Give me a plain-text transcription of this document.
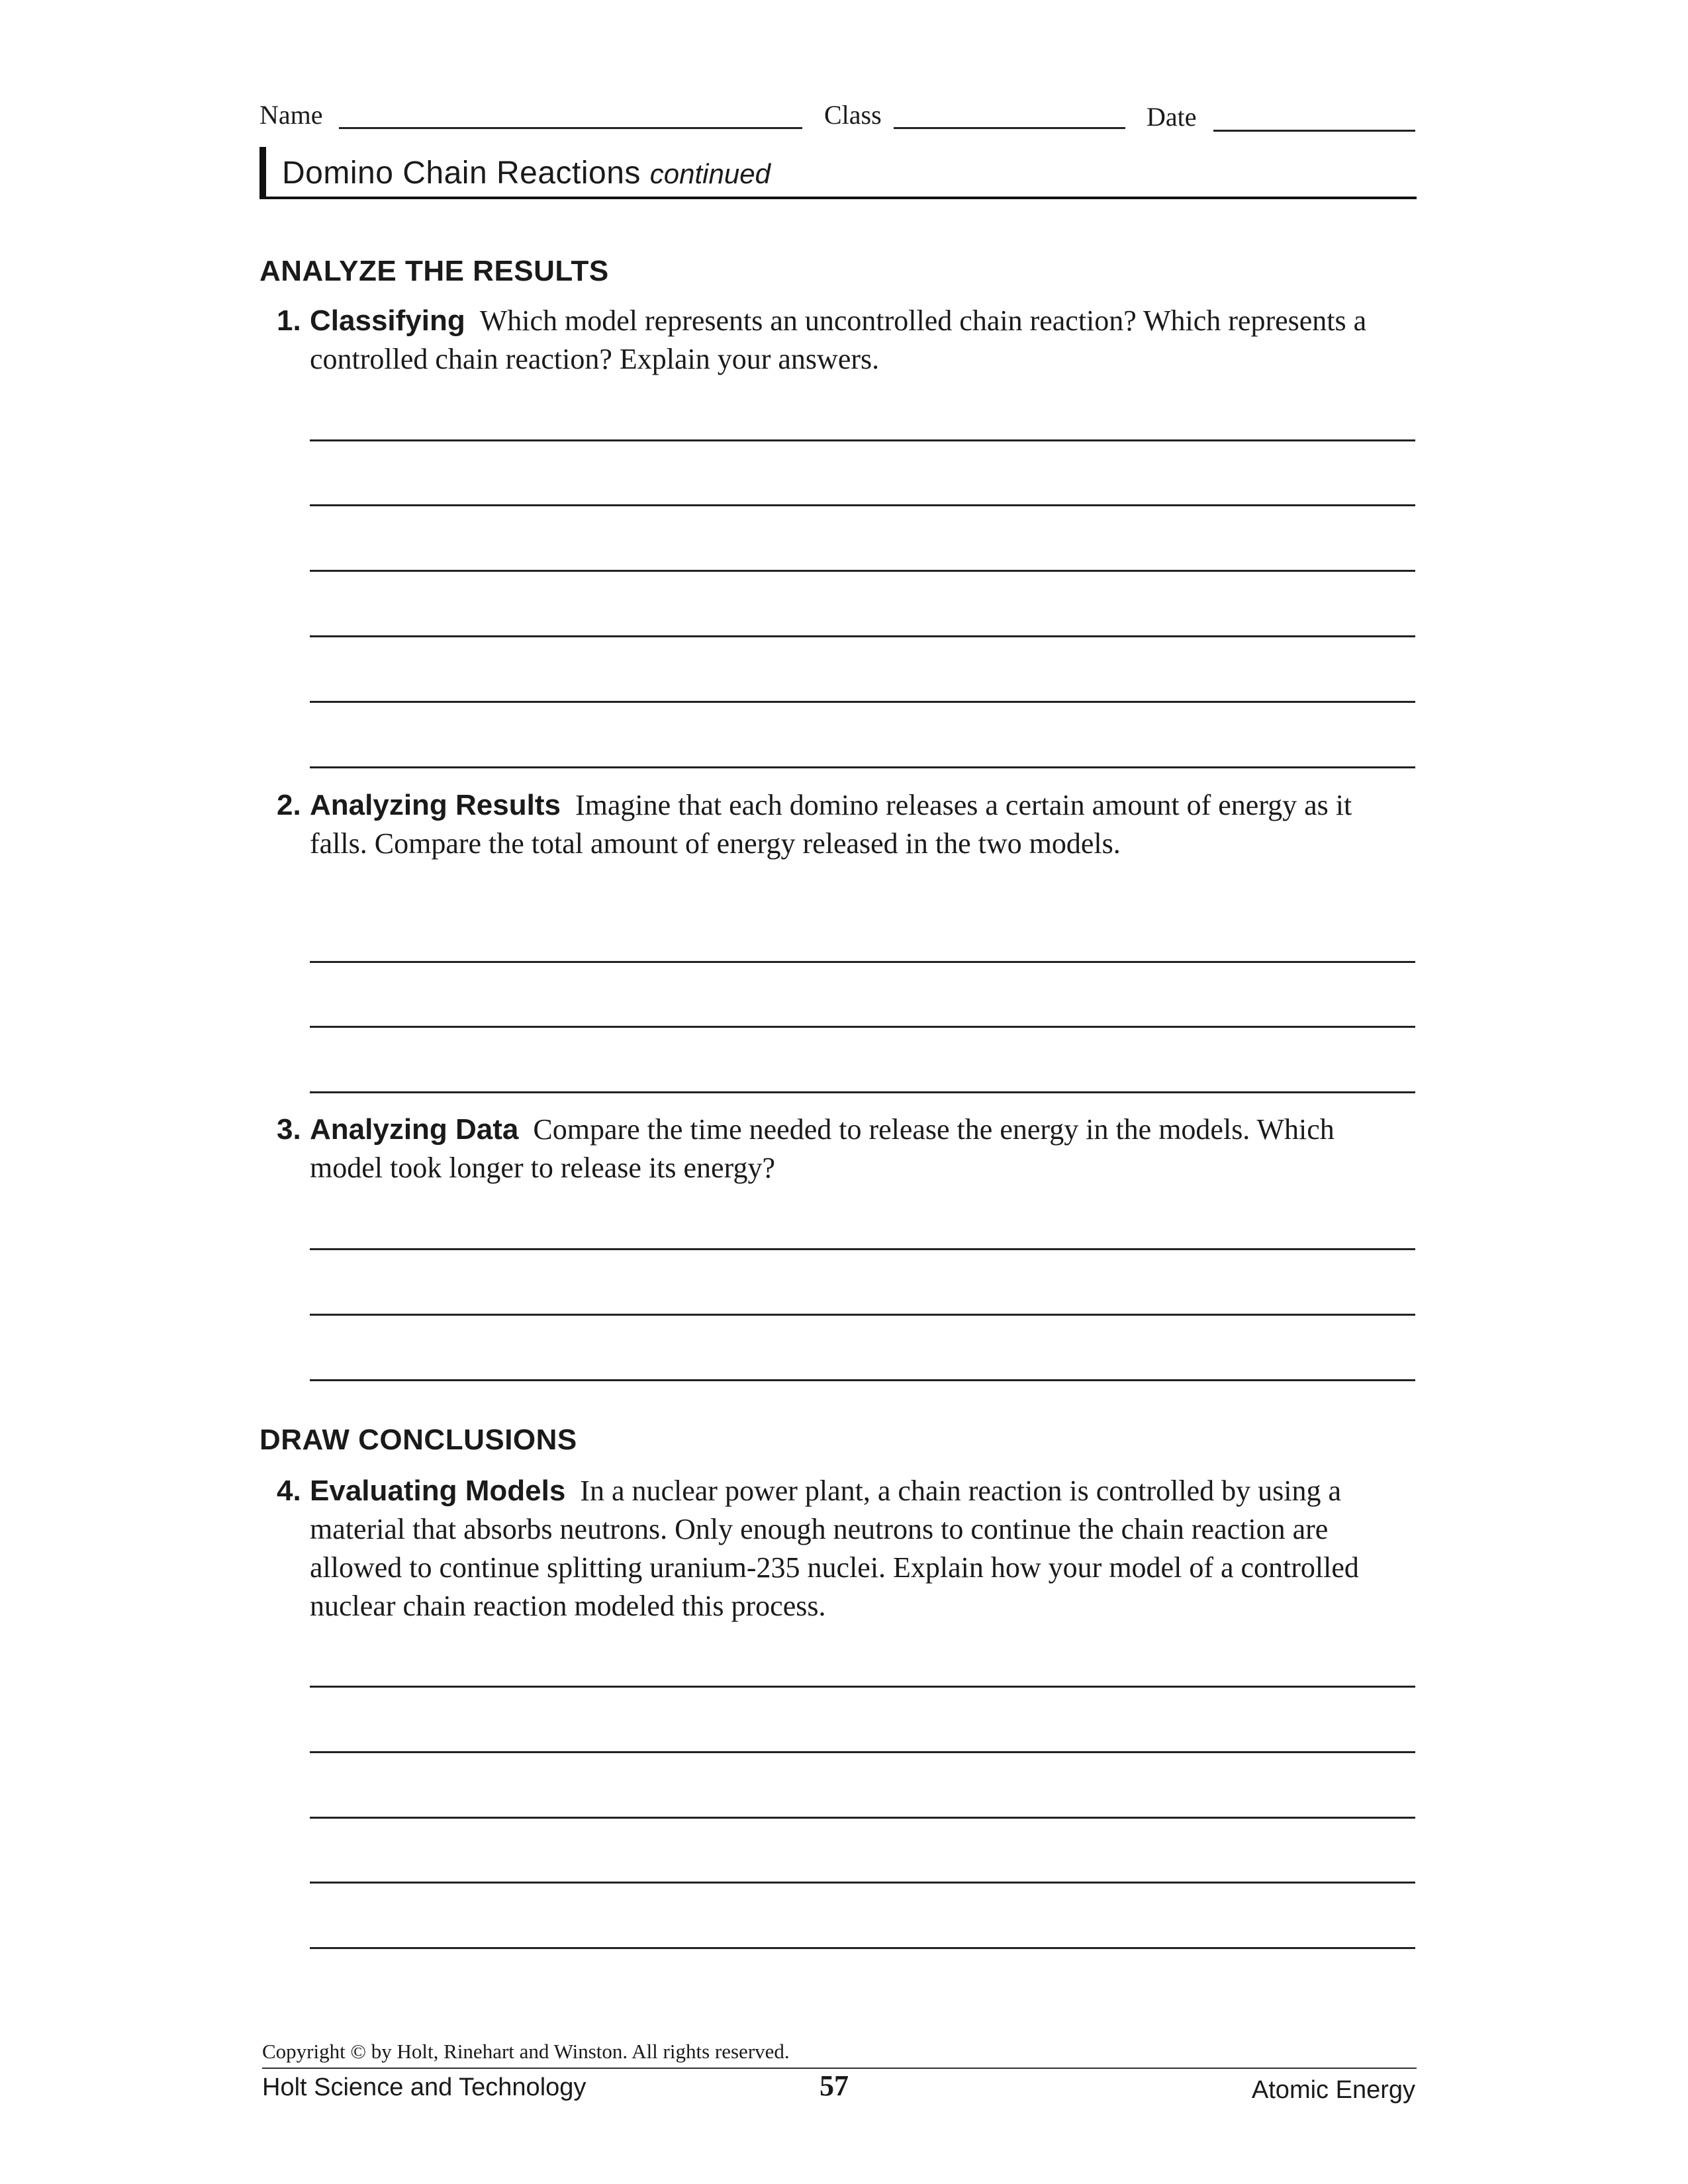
Name	Class	Date
Domino Chain Reactions continued
ANALYZE THE RESULTS
1. Classifying Which model represents an uncontrolled chain reaction? Which represents a controlled chain reaction? Explain your answers.
2. Analyzing Results Imagine that each domino releases a certain amount of energy as it falls. Compare the total amount of energy released in the two models.
3. Analyzing Data Compare the time needed to release the energy in the models. Which model took longer to release its energy?
DRAW CONCLUSIONS
4. Evaluating Models In a nuclear power plant, a chain reaction is controlled by using a material that absorbs neutrons. Only enough neutrons to continue the chain reaction are allowed to continue splitting uranium-235 nuclei. Explain how your model of a controlled nuclear chain reaction modeled this process.
Copyright © by Holt, Rinehart and Winston. All rights reserved.
Holt Science and Technology	57	Atomic Energy
